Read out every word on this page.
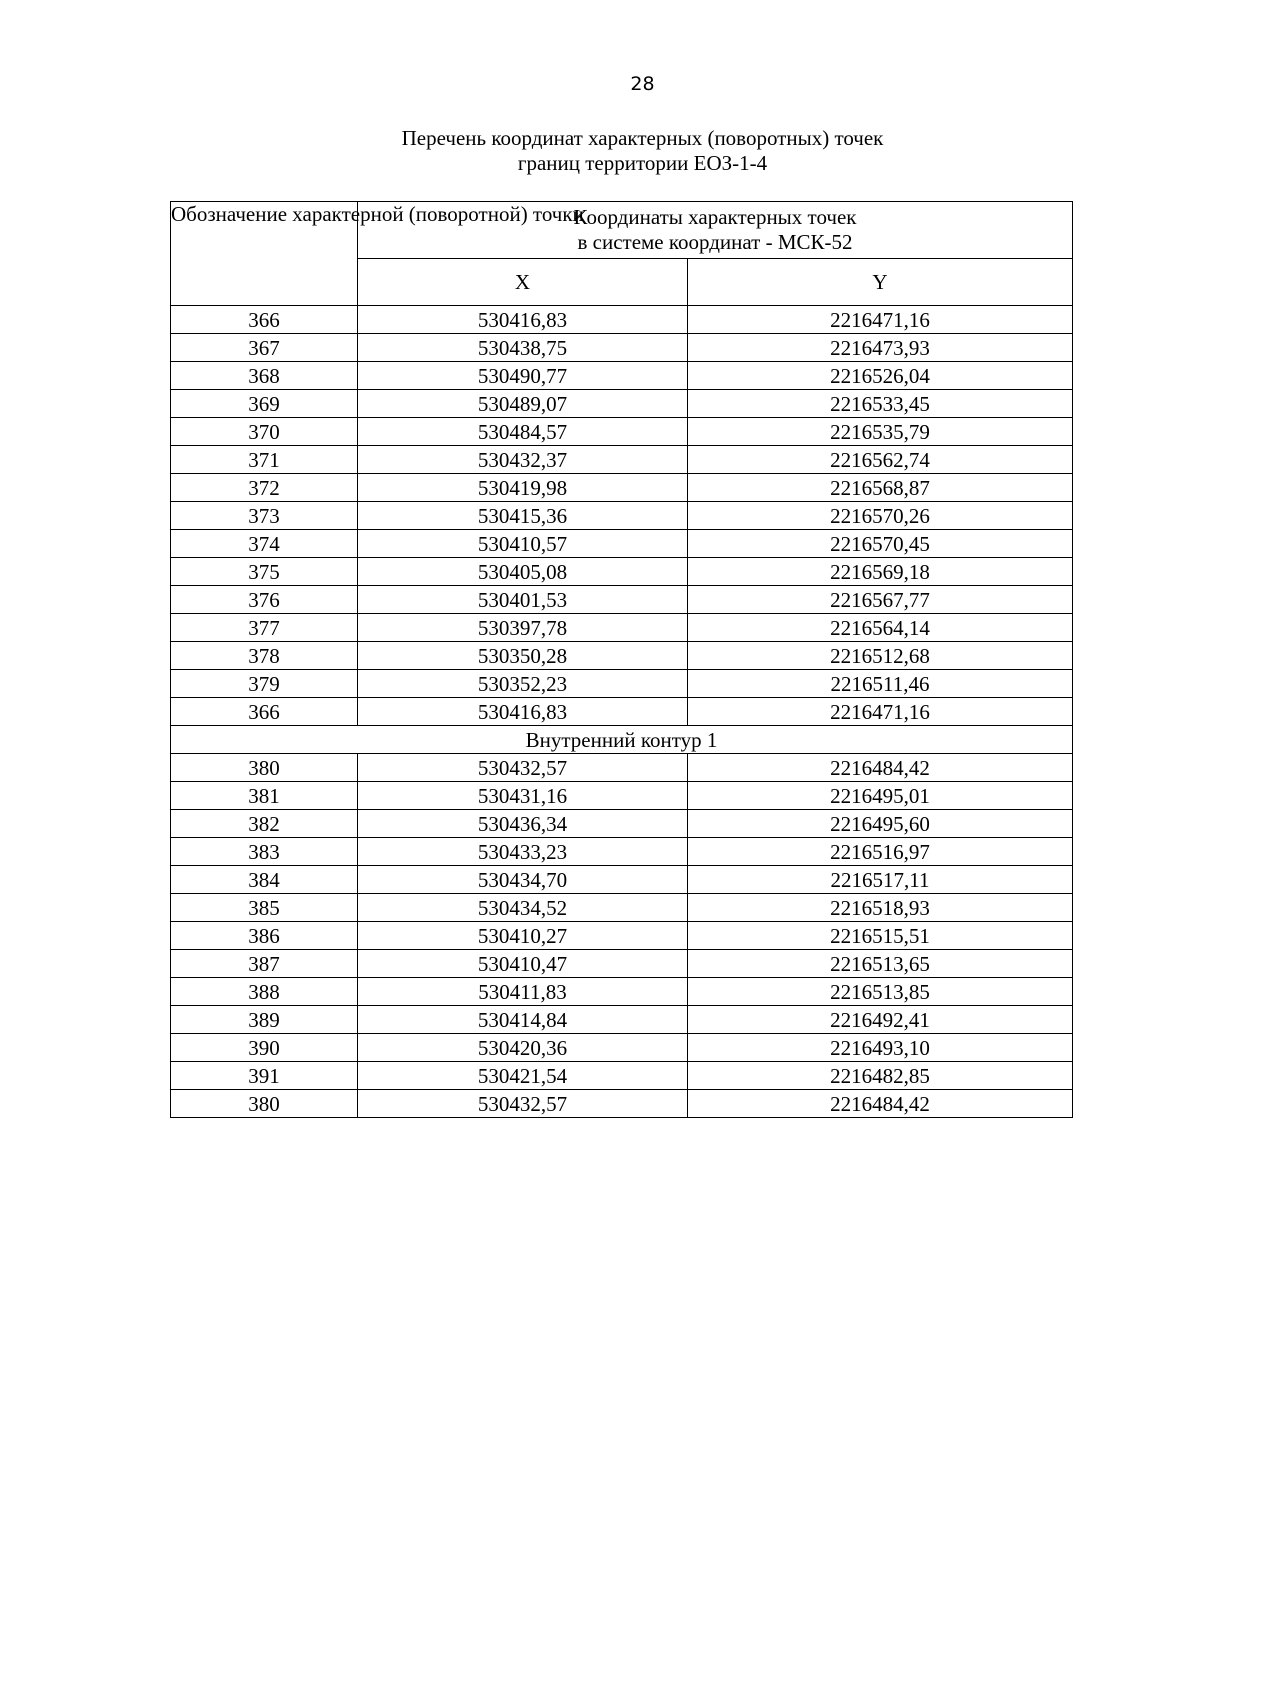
28
Перечень координат характерных (поворотных) точек
границ территории ЕОЗ-1-4
Обозначение характерной (поворотной) точки	Координаты характерных точек
в системе координат - МСК-52	

	X	Y
366	530416,83	2216471,16
367	530438,75	2216473,93
368	530490,77	2216526,04
369	530489,07	2216533,45
370	530484,57	2216535,79
371	530432,37	2216562,74
372	530419,98	2216568,87
373	530415,36	2216570,26
374	530410,57	2216570,45
375	530405,08	2216569,18
376	530401,53	2216567,77
377	530397,78	2216564,14
378	530350,28	2216512,68
379	530352,23	2216511,46
366	530416,83	2216471,16
Внутренний контур 1		
380	530432,57	2216484,42
381	530431,16	2216495,01
382	530436,34	2216495,60
383	530433,23	2216516,97
384	530434,70	2216517,11
385	530434,52	2216518,93
386	530410,27	2216515,51
387	530410,47	2216513,65
388	530411,83	2216513,85
389	530414,84	2216492,41
390	530420,36	2216493,10
391	530421,54	2216482,85
380	530432,57	2216484,42
